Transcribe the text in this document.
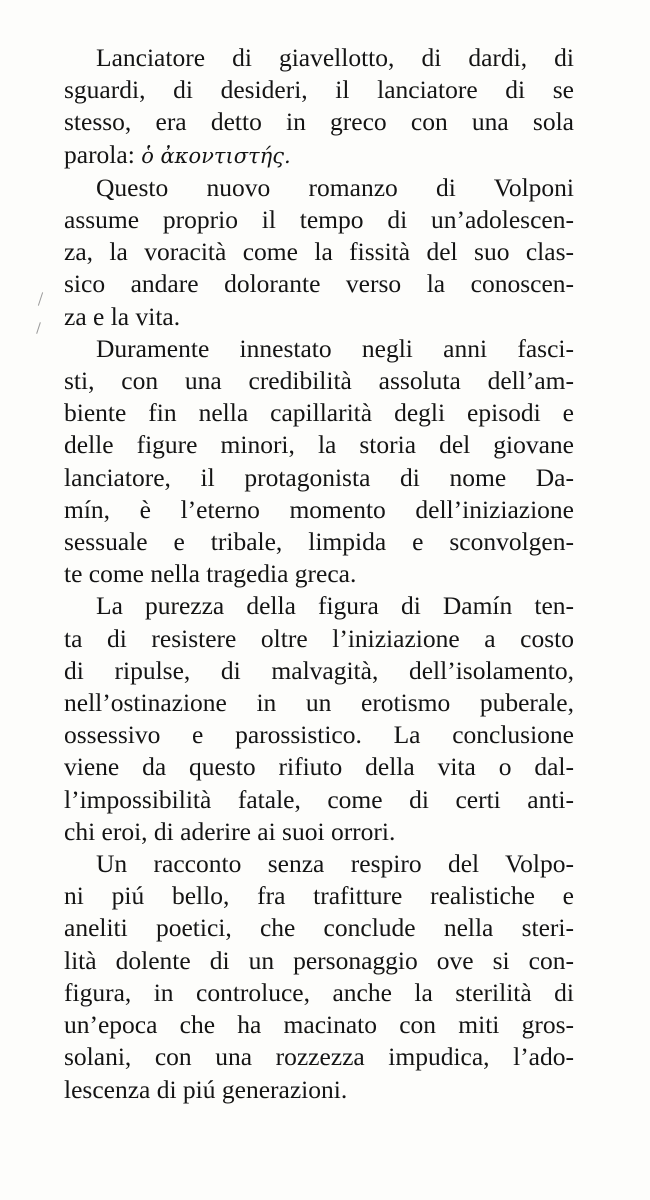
Lanciatore di giavellotto, di dardi, di
sguardi, di desideri, il lanciatore di se
stesso, era detto in greco con una sola
parola: ὁ ἀκοντιστής.

Questo nuovo romanzo di Volponi
assume proprio il tempo di un’adolescen-
za, la voracità come la fissità del suo clas-
sico andare dolorante verso la conoscen-
za e la vita.

Duramente innestato negli anni fasci-
sti, con una credibilità assoluta dell’am-
biente fin nella capillarità degli episodi e
delle figure minori, la storia del giovane
lanciatore, il protagonista di nome Da-
mín, è l’eterno momento dell’iniziazione
sessuale e tribale, limpida e sconvolgen-
te come nella tragedia greca.

La purezza della figura di Damín ten-
ta di resistere oltre l’iniziazione a costo
di ripulse, di malvagità, dell’isolamento,
nell’ostinazione in un erotismo puberale,
ossessivo e parossistico. La conclusione
viene da questo rifiuto della vita o dal-
l’impossibilità fatale, come di certi anti-
chi eroi, di aderire ai suoi orrori.

Un racconto senza respiro del Volpo-
ni piú bello, fra trafitture realistiche e
aneliti poetici, che conclude nella steri-
lità dolente di un personaggio ove si con-
figura, in controluce, anche la sterilità di
un’epoca che ha macinato con miti gros-
solani, con una rozzezza impudica, l’ado-
lescenza di piú generazioni.
